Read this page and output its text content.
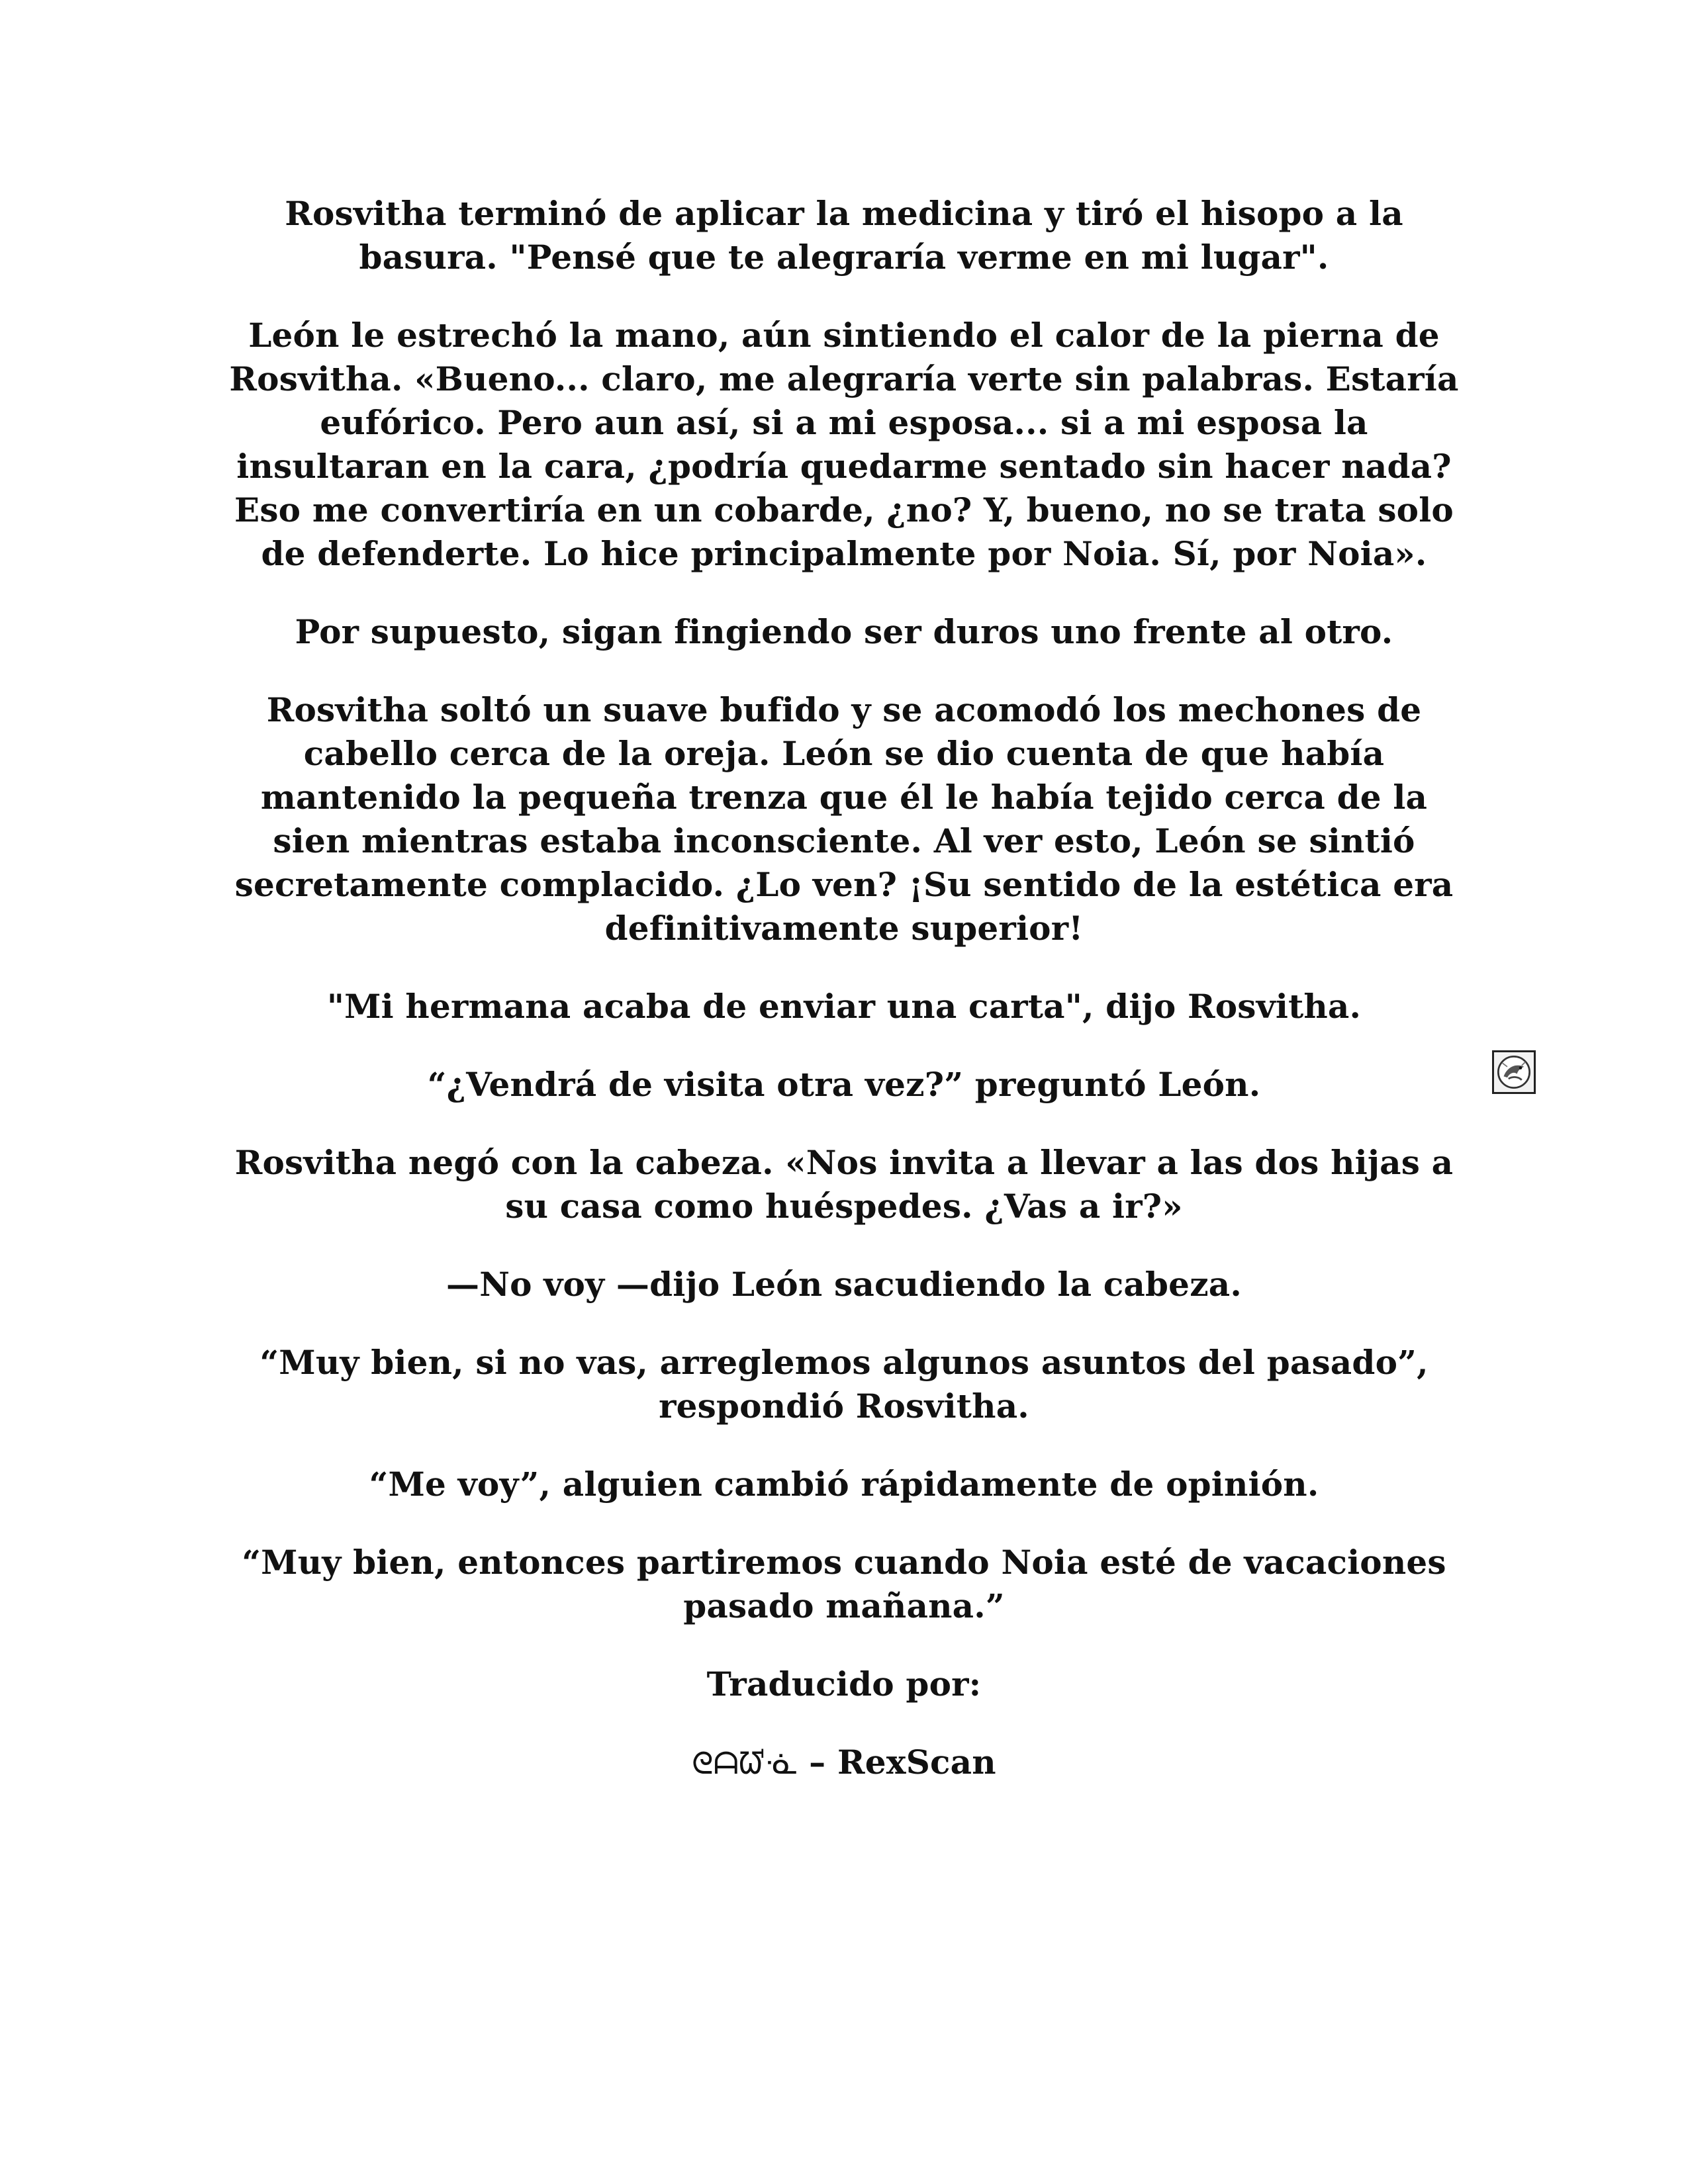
Rosvitha terminó de aplicar la medicina y tiró el hisopo a la basura. "Pensé que te alegraría verme en mi lugar".

León le estrechó la mano, aún sintiendo el calor de la pierna de Rosvitha. «Bueno... claro, me alegraría verte sin palabras. Estaría eufórico. Pero aun así, si a mi esposa... si a mi esposa la insultaran en la cara, ¿podría quedarme sentado sin hacer nada? Eso me convertiría en un cobarde, ¿no? Y, bueno, no se trata solo de defenderte. Lo hice principalmente por Noia. Sí, por Noia».

Por supuesto, sigan fingiendo ser duros uno frente al otro.

Rosvitha soltó un suave bufido y se acomodó los mechones de cabello cerca de la oreja. León se dio cuenta de que había mantenido la pequeña trenza que él le había tejido cerca de la sien mientras estaba inconsciente. Al ver esto, León se sintió secretamente complacido. ¿Lo ven? ¡Su sentido de la estética era definitivamente superior!

"Mi hermana acaba de enviar una carta", dijo Rosvitha.

“¿Vendrá de visita otra vez?” preguntó León.

Rosvitha negó con la cabeza. «Nos invita a llevar a las dos hijas a su casa como huéspedes. ¿Vas a ir?»

—No voy —dijo León sacudiendo la cabeza.

“Muy bien, si no vas, arreglemos algunos asuntos del pasado”, respondió Rosvitha.

“Me voy”, alguien cambió rápidamente de opinión.

“Muy bien, entonces partiremos cuando Noia esté de vacaciones pasado mañana.”

Traducido por:

ᘓᗩᘺᓍ – RexScan
